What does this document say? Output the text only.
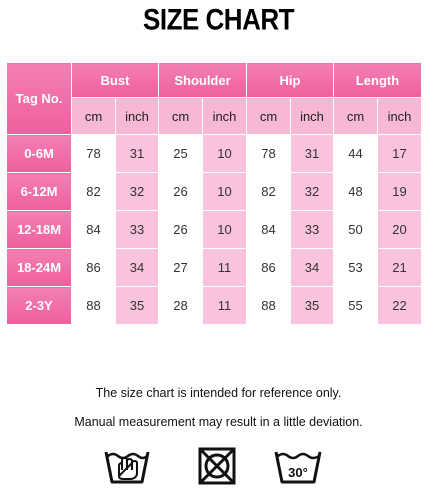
SIZE CHART
Tag No.	Bust		Shoulder		Hip		Length	
	cm	inch	cm	inch	cm	inch	cm	inch
0-6M	78	31	25	10	78	31	44	17
6-12M	82	32	26	10	82	32	48	19
12-18M	84	33	26	10	84	33	50	20
18-24M	86	34	27	11	86	34	53	21
2-3Y	88	35	28	11	88	35	55	22
The size chart is intended for reference only.
Manual measurement may result in a little deviation.
30°
